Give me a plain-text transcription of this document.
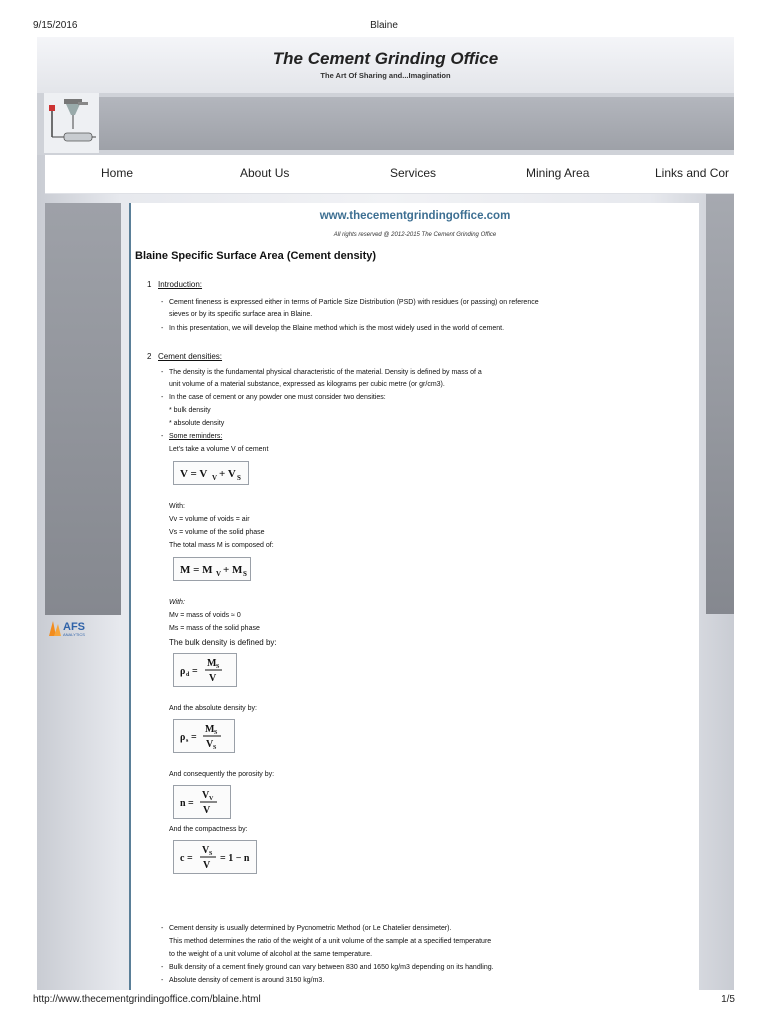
9/15/2016	Blaine
The Cement Grinding Office
The Art Of Sharing and...Imagination
Home	About Us	Services	Mining Area	Links and Cor
AFS
ANALYTICS
www.thecementgrindingoffice.com
All rights reserved @ 2012-2015 The Cement Grinding Office
Blaine Specific Surface Area (Cement density)
1 Introduction:
- Cement fineness is expressed either in terms of Particle Size Distribution (PSD) with residues (or passing) on reference
sieves or by its specific surface area in Blaine.
- In this presentation, we will develop the Blaine method which is the most widely used in the world of cement.
2 Cement densities:
- The density is the fundamental physical characteristic of the material. Density is defined by mass of a
unit volume of a material substance, expressed as kilograms per cubic metre (or gr/cm3).
- In the case of cement or any powder one must consider two densities:
* bulk density
* absolute density
- Some reminders:
Let's take a volume V of cement
V = V V + V S
With:
Vv = volume of voids = air
Vs = volume of the solid phase
The total mass M is composed of:
M = M V + M S
With:
Mv = mass of voids ≈ 0
Ms = mass of the solid phase
The bulk density is defined by:
ρ d =
M S
V
And the absolute density by:
ρ s =
M S
V S
And consequently the porosity by:
n =
V V
V
And the compactness by:
c =
V S
V
= 1 − n
- Cement density is usually determined by Pycnometric Method (or Le Chatelier densimeter).
This method determines the ratio of the weight of a unit volume of the sample at a specified temperature
to the weight of a unit volume of alcohol at the same temperature.
- Bulk density of a cement finely ground can vary between 830 and 1650 kg/m3 depending on its handling.
- Absolute density of cement is around 3150 kg/m3.
http://www.thecementgrindingoffice.com/blaine.html	1/5
